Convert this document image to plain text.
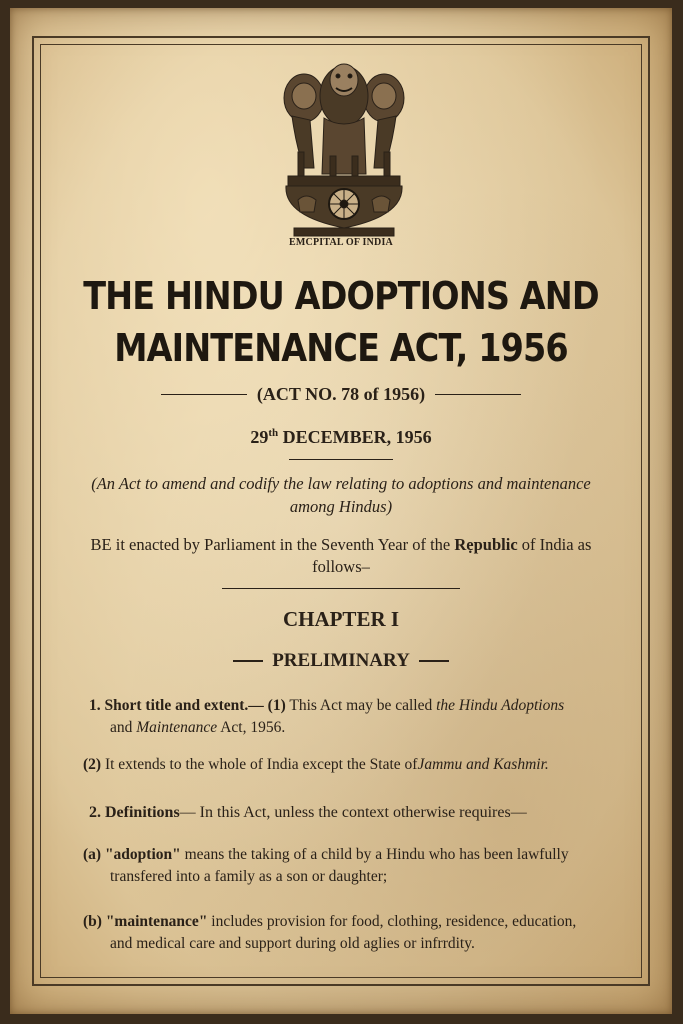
EMCPITAL OF INDIA
THE HINDU ADOPTIONS AND
MAINTENANCE ACT, 1956
(ACT NO. 78 of 1956)
29th DECEMBER, 1956
(An Act to amend and codify the law relating to adoptions and maintenance among Hindus)
BE it enacted by Parliament in the Seventh Year of the Rẹpublic of India as follows–
CHAPTER I
PRELIMINARY
1. Short title and extent.— (1) This Act may be called the Hindu Adoptions
and Maintenance Act, 1956.
(2) It extends to the whole of India except the State ofJammu and Kashmir.
2. Definitions— In this Act, unless the context otherwise requires—
(a) "adoption" means the taking of a child by a Hindu who has been lawfully
transfered into a family as a son or daughter;
(b) "maintenance" includes provision for food, clothing, residence, education,
and medical care and support during old aglies or infrrdity.
